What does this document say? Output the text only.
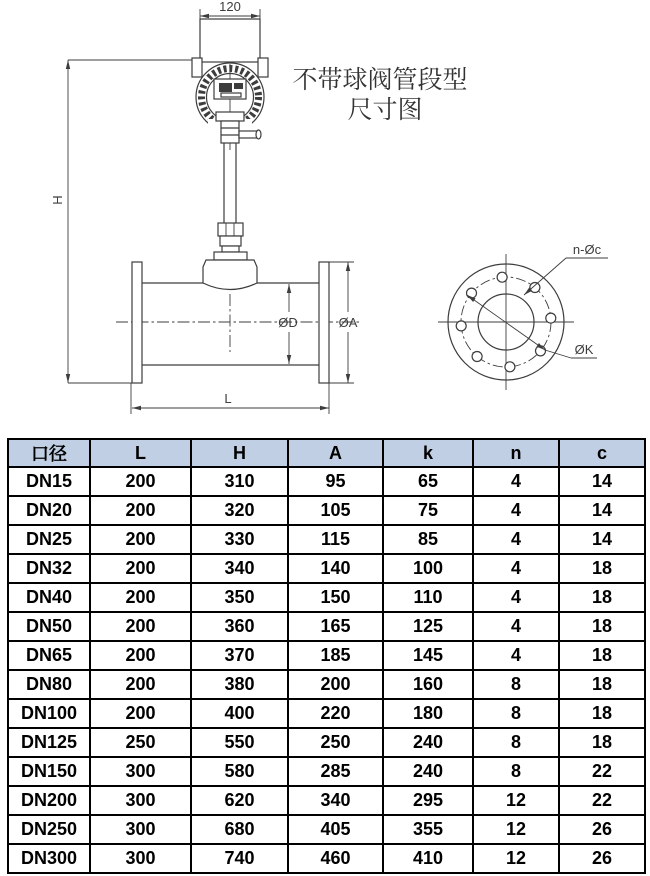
ØD
120
H
ØA
L
ØK
n-Øc
不带球阀管段型
尺寸图
口径	L	H	A	k	n	c
DN15	200	310	95	65	4	14
DN20	200	320	105	75	4	14
DN25	200	330	115	85	4	14
DN32	200	340	140	100	4	18
DN40	200	350	150	110	4	18
DN50	200	360	165	125	4	18
DN65	200	370	185	145	4	18
DN80	200	380	200	160	8	18
DN100	200	400	220	180	8	18
DN125	250	550	250	240	8	18
DN150	300	580	285	240	8	22
DN200	300	620	340	295	12	22
DN250	300	680	405	355	12	26
DN300	300	740	460	410	12	26
